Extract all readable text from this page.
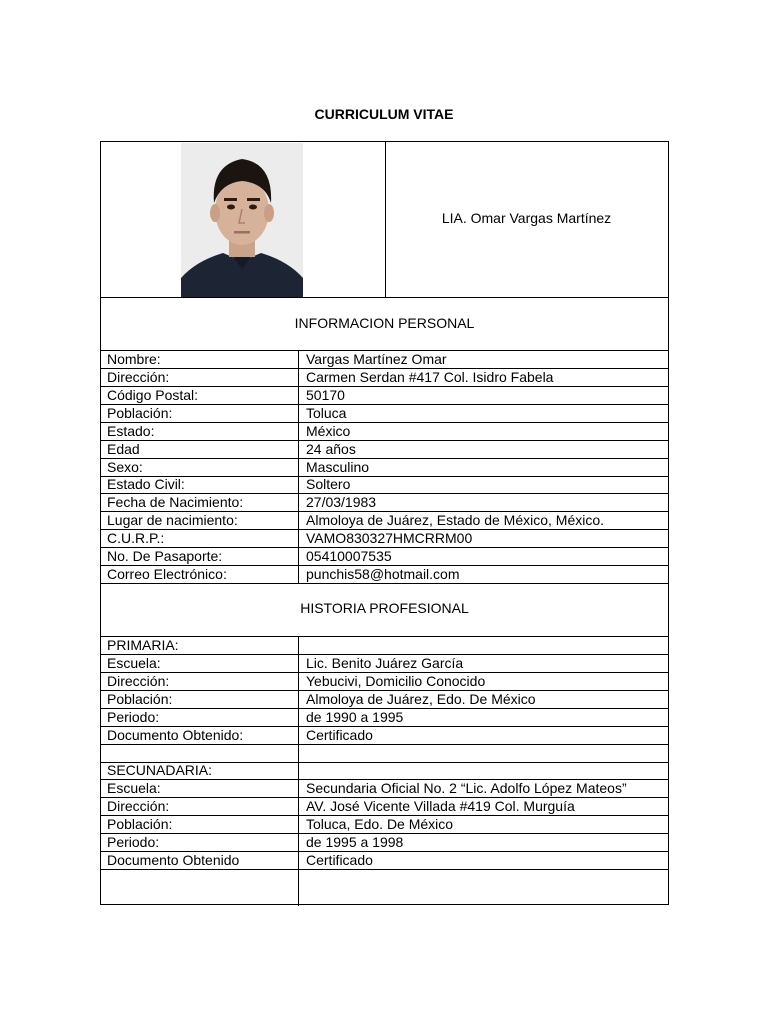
CURRICULUM VITAE
LIA. Omar Vargas Martínez
INFORMACION PERSONAL
Nombre:	Vargas Martínez Omar
Dirección:	Carmen Serdan #417 Col. Isidro Fabela
Código Postal:	50170
Población:	Toluca
Estado:	México
Edad	24 años
Sexo:	Masculino
Estado Civil:	Soltero
Fecha de Nacimiento:	27/03/1983
Lugar de nacimiento:	Almoloya de Juárez, Estado de México, México.
C.U.R.P.:	VAMO830327HMCRRM00
No. De Pasaporte:	05410007535
Correo Electrónico:	punchis58@hotmail.com
HISTORIA PROFESIONAL
PRIMARIA:
Escuela:	Lic. Benito Juárez García
Dirección:	Yebucivi, Domicilio Conocido
Población:	Almoloya de Juárez, Edo. De México
Periodo:	de 1990 a 1995
Documento Obtenido:	Certificado
SECUNADARIA:
Escuela:	Secundaria Oficial No. 2 “Lic. Adolfo López Mateos”
Dirección:	AV. José Vicente Villada #419 Col. Murguía
Población:	Toluca, Edo. De México
Periodo:	de 1995 a 1998
Documento Obtenido	Certificado
